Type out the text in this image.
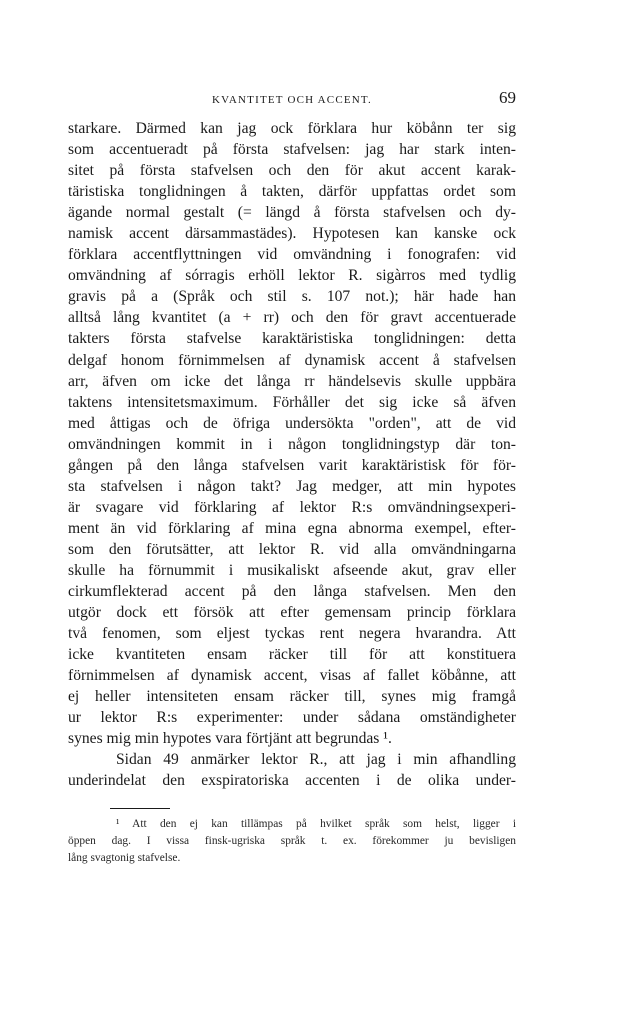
KVANTITET OCH ACCENT.	69
starkare. Därmed kan jag ock förklara hur köbånn ter sig
som accentueradt på första stafvelsen: jag har stark inten-
sitet på första stafvelsen och den för akut accent karak-
täristiska tonglidningen å takten, därför uppfattas ordet som
ägande normal gestalt (= längd å första stafvelsen och dy-
namisk accent därsammastädes). Hypotesen kan kanske ock
förklara accentflyttningen vid omvändning i fonografen: vid
omvändning af sórragis erhöll lektor R. sigàrros med tydlig
gravis på a (Språk och stil s. 107 not.); här hade han
alltså lång kvantitet (a + rr) och den för gravt accentuerade
takters första stafvelse karaktäristiska tonglidningen: detta
delgaf honom förnimmelsen af dynamisk accent å stafvelsen
arr, äfven om icke det långa rr händelsevis skulle uppbära
taktens intensitetsmaximum. Förhåller det sig icke så äfven
med åttigas och de öfriga undersökta "orden", att de vid
omvändningen kommit in i någon tonglidningstyp där ton-
gången på den långa stafvelsen varit karaktäristisk för för-
sta stafvelsen i någon takt? Jag medger, att min hypotes
är svagare vid förklaring af lektor R:s omvändningsexperi-
ment än vid förklaring af mina egna abnorma exempel, efter-
som den förutsätter, att lektor R. vid alla omvändningarna
skulle ha förnummit i musikaliskt afseende akut, grav eller
cirkumflekterad accent på den långa stafvelsen. Men den
utgör dock ett försök att efter gemensam princip förklara
två fenomen, som eljest tyckas rent negera hvarandra. Att
icke kvantiteten ensam räcker till för att konstituera
förnimmelsen af dynamisk accent, visas af fallet köbånne, att
ej heller intensiteten ensam räcker till, synes mig framgå
ur lektor R:s experimenter: under sådana omständigheter
synes mig min hypotes vara förtjänt att begrundas ¹.
Sidan 49 anmärker lektor R., att jag i min afhandling
underindelat den exspiratoriska accenten i de olika under-
¹ Att den ej kan tillämpas på hvilket språk som helst, ligger i
öppen dag. I vissa finsk-ugriska språk t. ex. förekommer ju bevisligen
lång svagtonig stafvelse.
